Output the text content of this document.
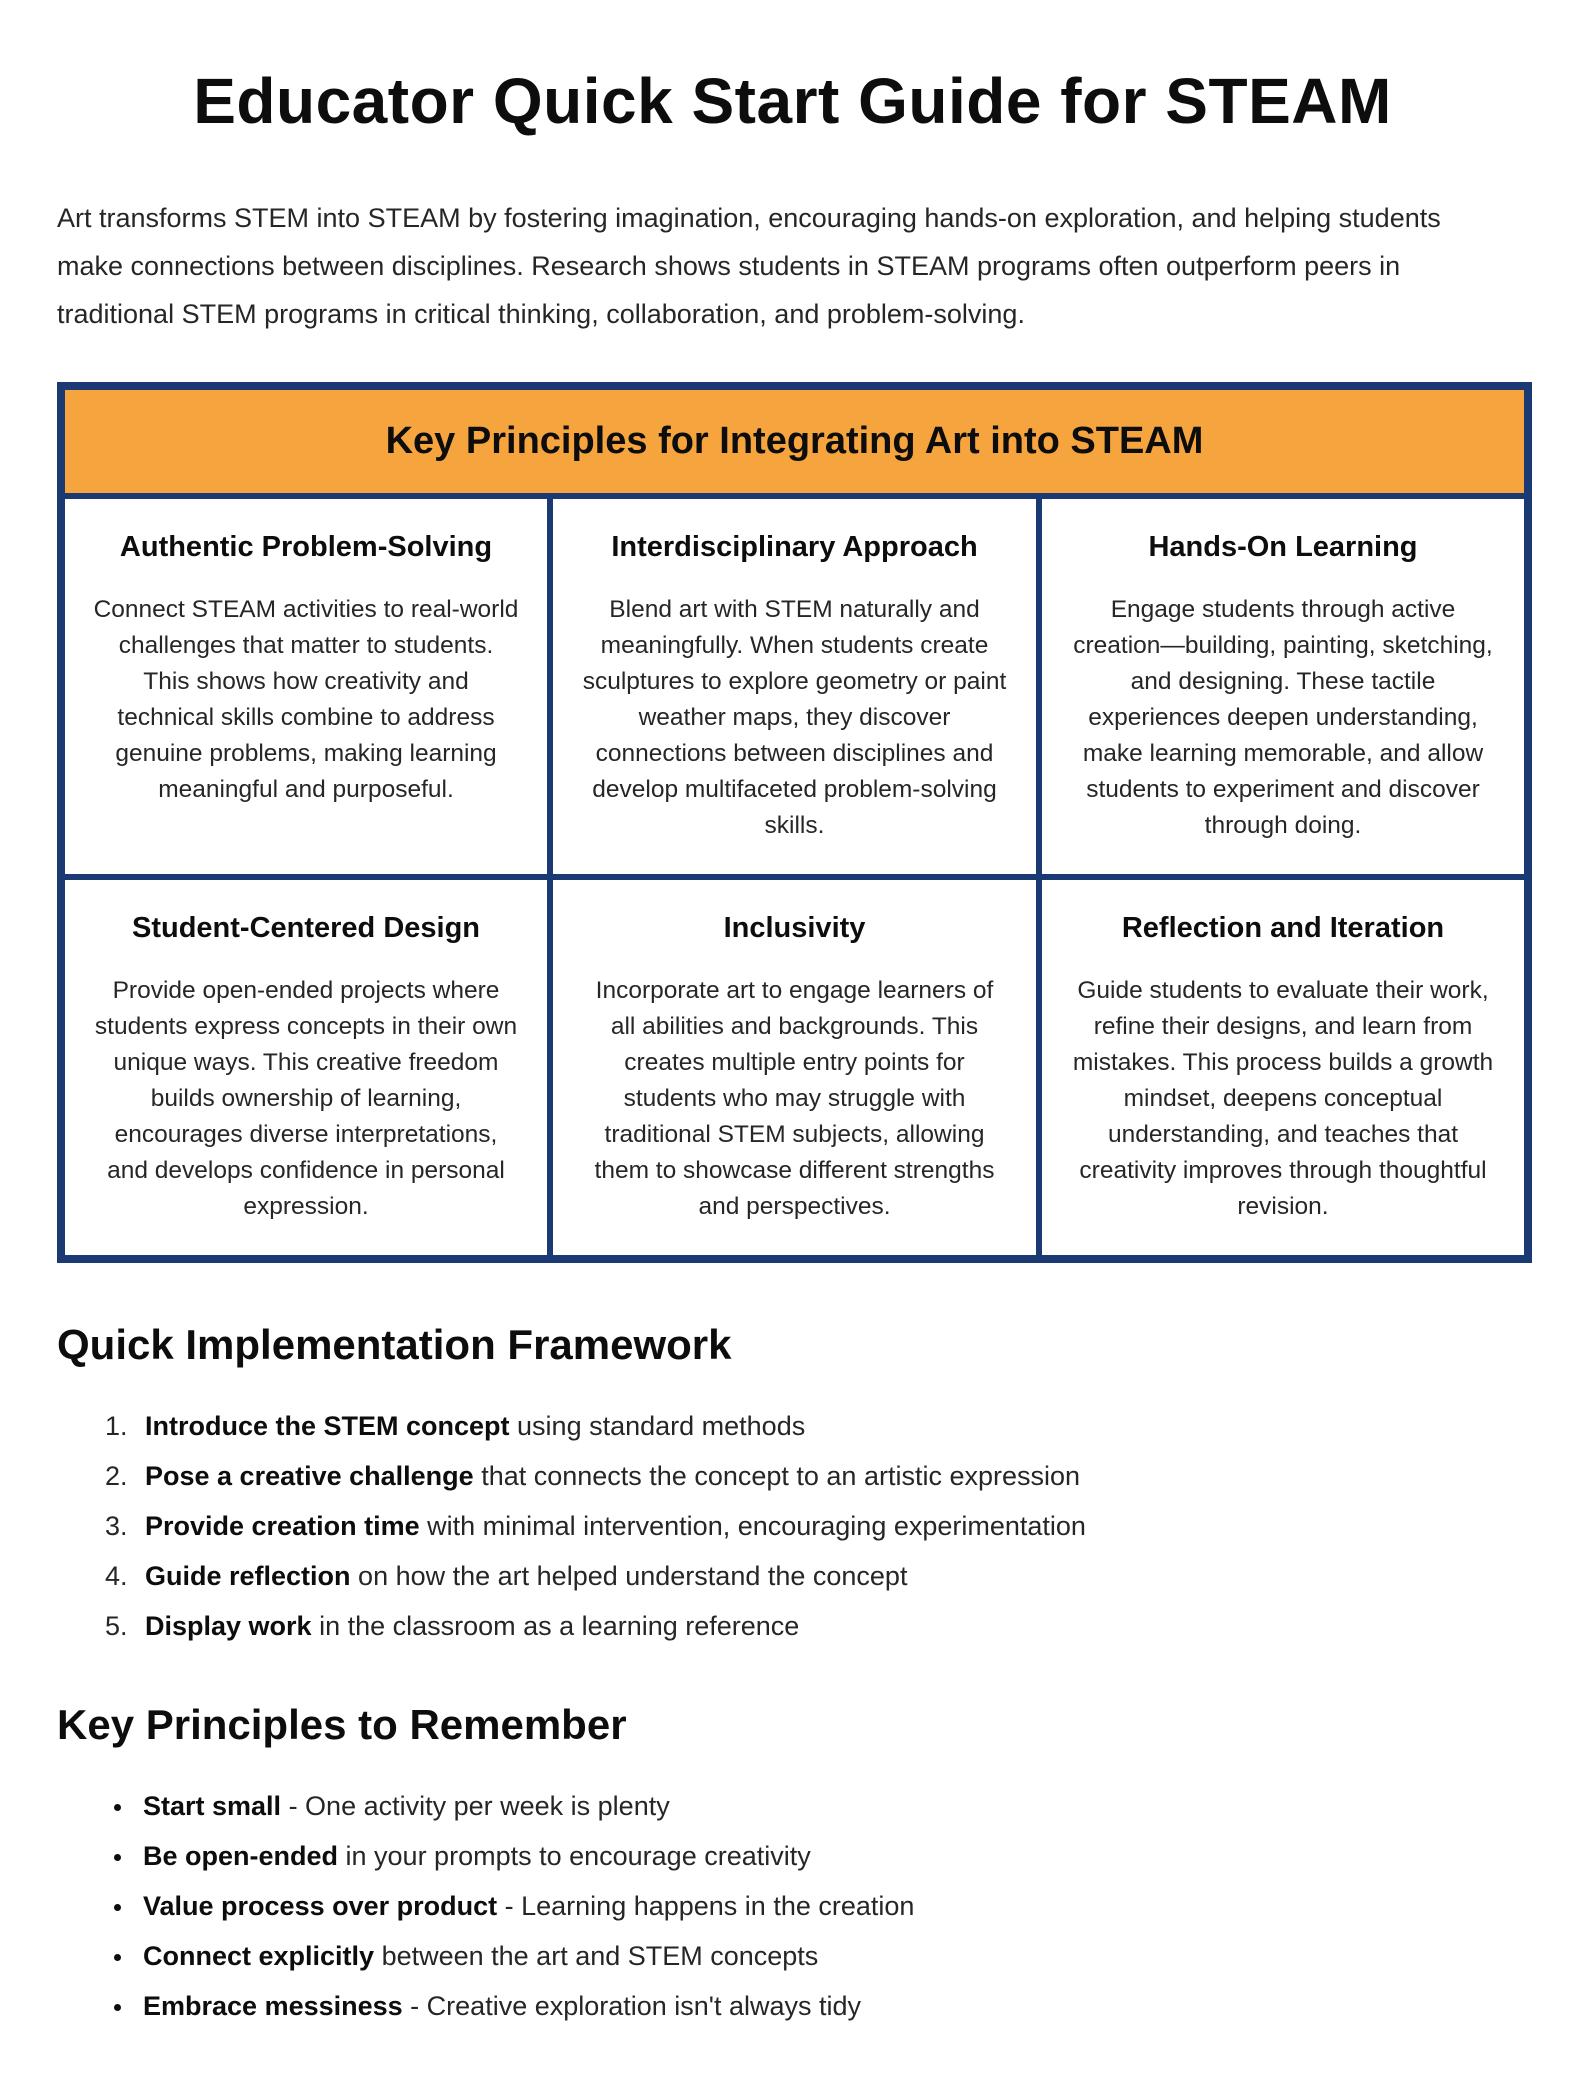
Educator Quick Start Guide for STEAM

Art transforms STEM into STEAM by fostering imagination, encouraging hands-on exploration, and helping students make connections between disciplines. Research shows students in STEAM programs often outperform peers in traditional STEM programs in critical thinking, collaboration, and problem-solving.

Key Principles for Integrating Art into STEAM		

Authentic Problem-Solving

Connect STEAM activities to real-world challenges that matter to students. This shows how creativity and technical skills combine to address genuine problems, making learning meaningful and purposeful.

Interdisciplinary Approach

Blend art with STEM naturally and meaningfully. When students create sculptures to explore geometry or paint weather maps, they discover connections between disciplines and develop multifaceted problem-solving skills.

Hands-On Learning

Engage students through active creation—building, painting, sketching, and designing. These tactile experiences deepen understanding, make learning memorable, and allow students to experiment and discover through doing.

Student-Centered Design

Provide open-ended projects where students express concepts in their own unique ways. This creative freedom builds ownership of learning, encourages diverse interpretations, and develops confidence in personal expression.

Inclusivity

Incorporate art to engage learners of all abilities and backgrounds. This creates multiple entry points for students who may struggle with traditional STEM subjects, allowing them to showcase different strengths and perspectives.

Reflection and Iteration

Guide students to evaluate their work, refine their designs, and learn from mistakes. This process builds a growth mindset, deepens conceptual understanding, and teaches that creativity improves through thoughtful revision.

Quick Implementation Framework
1. Introduce the STEM concept using standard methods
2. Pose a creative challenge that connects the concept to an artistic expression
3. Provide creation time with minimal intervention, encouraging experimentation
4. Guide reflection on how the art helped understand the concept
5. Display work in the classroom as a learning reference
Key Principles to Remember
• Start small - One activity per week is plenty
• Be open-ended in your prompts to encourage creativity
• Value process over product - Learning happens in the creation
• Connect explicitly between the art and STEM concepts
• Embrace messiness - Creative exploration isn't always tidy
